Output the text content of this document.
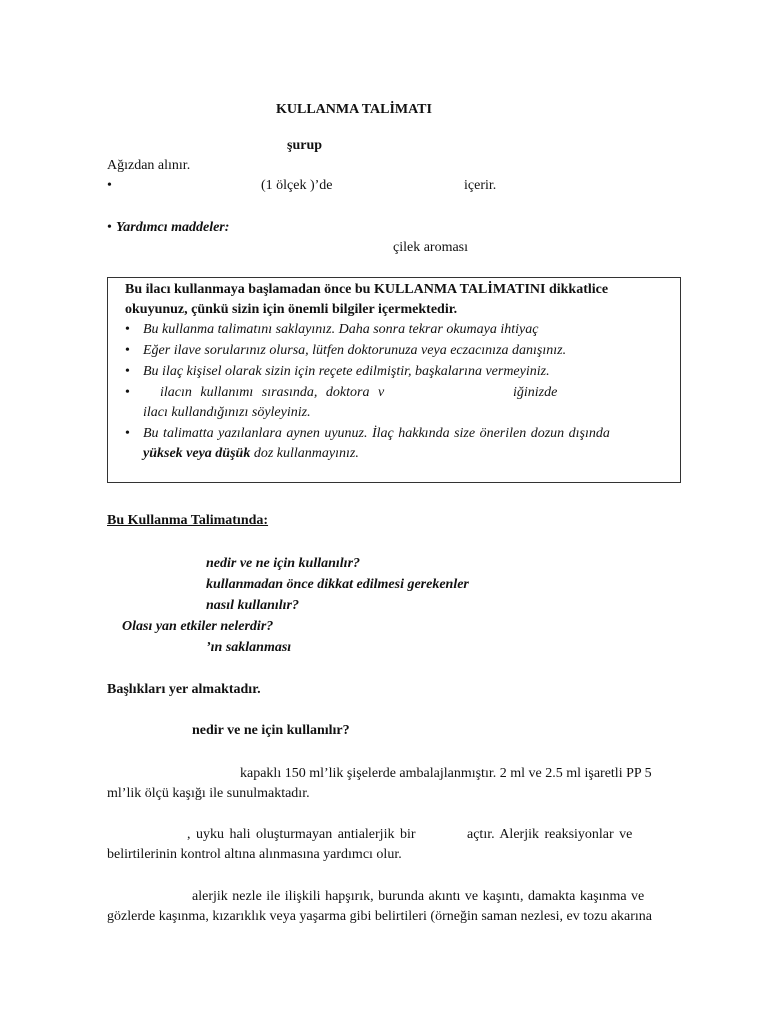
KULLANMA TALİMATI
şurup
Ağızdan alınır.
•	(1 ölçek )’de	içerir.
• Yardımcı maddeler:
çilek aroması
Bu ilacı kullanmaya başlamadan önce bu KULLANMA TALİMATINI dikkatlice
okuyunuz, çünkü sizin için önemli bilgiler içermektedir.
• Bu kullanma talimatını saklayınız. Daha sonra tekrar okumaya ihtiyaç
• Eğer ilave sorularınız olursa, lütfen doktorunuza veya eczacınıza danışınız.
• Bu ilaç kişisel olarak sizin için reçete edilmiştir, başkalarına vermeyiniz.
• ilacın kullanımı sırasında, doktora v	iğinizde
ilacı kullandığınızı söyleyiniz.
• Bu talimatta yazılanlara aynen uyunuz. İlaç hakkında size önerilen dozun dışında
yüksek veya düşük doz kullanmayınız.
Bu Kullanma Talimatında:
nedir ve ne için kullanılır?
kullanmadan önce dikkat edilmesi gerekenler
nasıl kullanılır?
Olası yan etkiler nelerdir?
’ın saklanması
Başlıkları yer almaktadır.
nedir ve ne için kullanılır?
kapaklı 150 ml’lik şişelerde ambalajlanmıştır. 2 ml ve 2.5 ml işaretli PP 5
ml’lik ölçü kaşığı ile sunulmaktadır.
, uyku hali oluşturmayan antialerjik bir	açtır. Alerjik reaksiyonlar ve
belirtilerinin kontrol altına alınmasına yardımcı olur.
alerjik nezle ile ilişkili hapşırık, burunda akıntı ve kaşıntı, damakta kaşınma ve
gözlerde kaşınma, kızarıklık veya yaşarma gibi belirtileri (örneğin saman nezlesi, ev tozu akarına
